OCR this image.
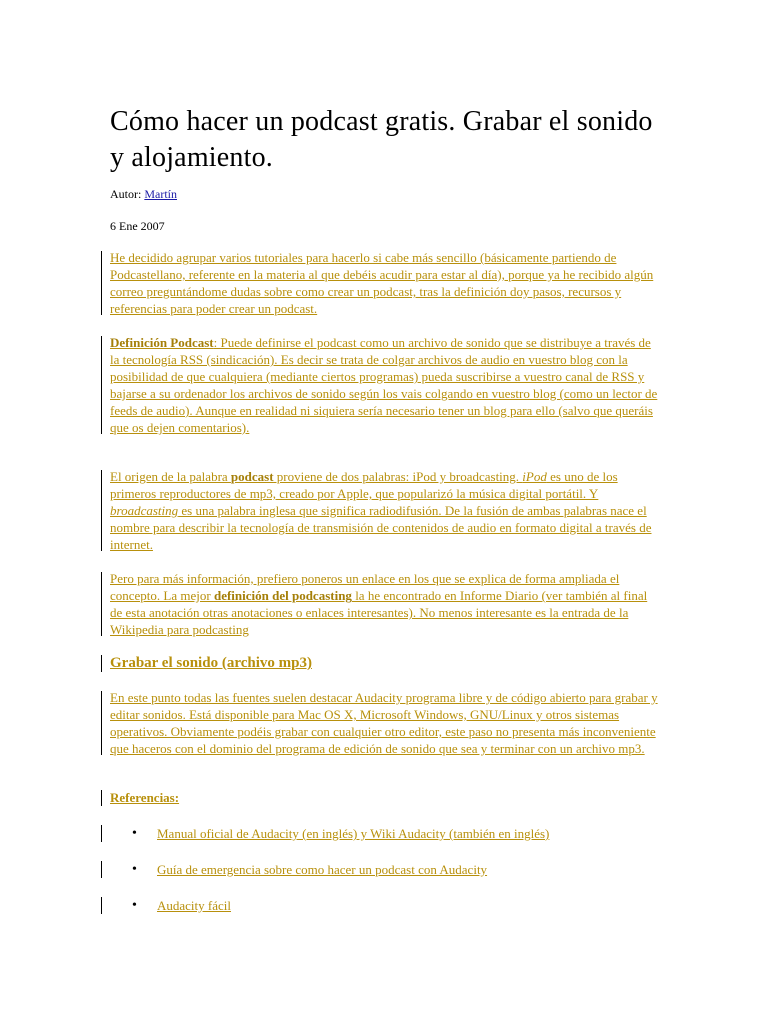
Cómo hacer un podcast gratis. Grabar el sonido y alojamiento.
Autor: Martín
6 Ene 2007
He decidido agrupar varios tutoriales para hacerlo si cabe más sencillo (básicamente partiendo de Podcastellano, referente en la materia al que debéis acudir para estar al día), porque ya he recibido algún correo preguntándome dudas sobre como crear un podcast, tras la definición doy pasos, recursos y referencias para poder crear un podcast.
Definición Podcast: Puede definirse el podcast como un archivo de sonido que se distribuye a través de la tecnología RSS (sindicación). Es decir se trata de colgar archivos de audio en vuestro blog con la posibilidad de que cualquiera (mediante ciertos programas) pueda suscribirse a vuestro canal de RSS y bajarse a su ordenador los archivos de sonido según los vais colgando en vuestro blog (como un lector de feeds de audio). Aunque en realidad ni siquiera sería necesario tener un blog para ello (salvo que queráis que os dejen comentarios).
El origen de la palabra podcast proviene de dos palabras: iPod y broadcasting. iPod es uno de los primeros reproductores de mp3, creado por Apple, que popularizó la música digital portátil. Y broadcasting es una palabra inglesa que significa radiodifusión. De la fusión de ambas palabras nace el nombre para describir la tecnología de transmisión de contenidos de audio en formato digital a través de internet.
Pero para más información, prefiero poneros un enlace en los que se explica de forma ampliada el concepto. La mejor definición del podcasting la he encontrado en Informe Diario (ver también al final de esta anotación otras anotaciones o enlaces interesantes). No menos interesante es la entrada de la Wikipedia para podcasting
Grabar el sonido (archivo mp3)
En este punto todas las fuentes suelen destacar Audacity programa libre y de código abierto para grabar y editar sonidos. Está disponible para Mac OS X, Microsoft Windows, GNU/Linux y otros sistemas operativos. Obviamente podéis grabar con cualquier otro editor, este paso no presenta más inconveniente que haceros con el dominio del programa de edición de sonido que sea y terminar con un archivo mp3.
Referencias:
• Manual oficial de Audacity (en inglés) y Wiki Audacity (también en inglés)
• Guía de emergencia sobre como hacer un podcast con Audacity
• Audacity fácil
